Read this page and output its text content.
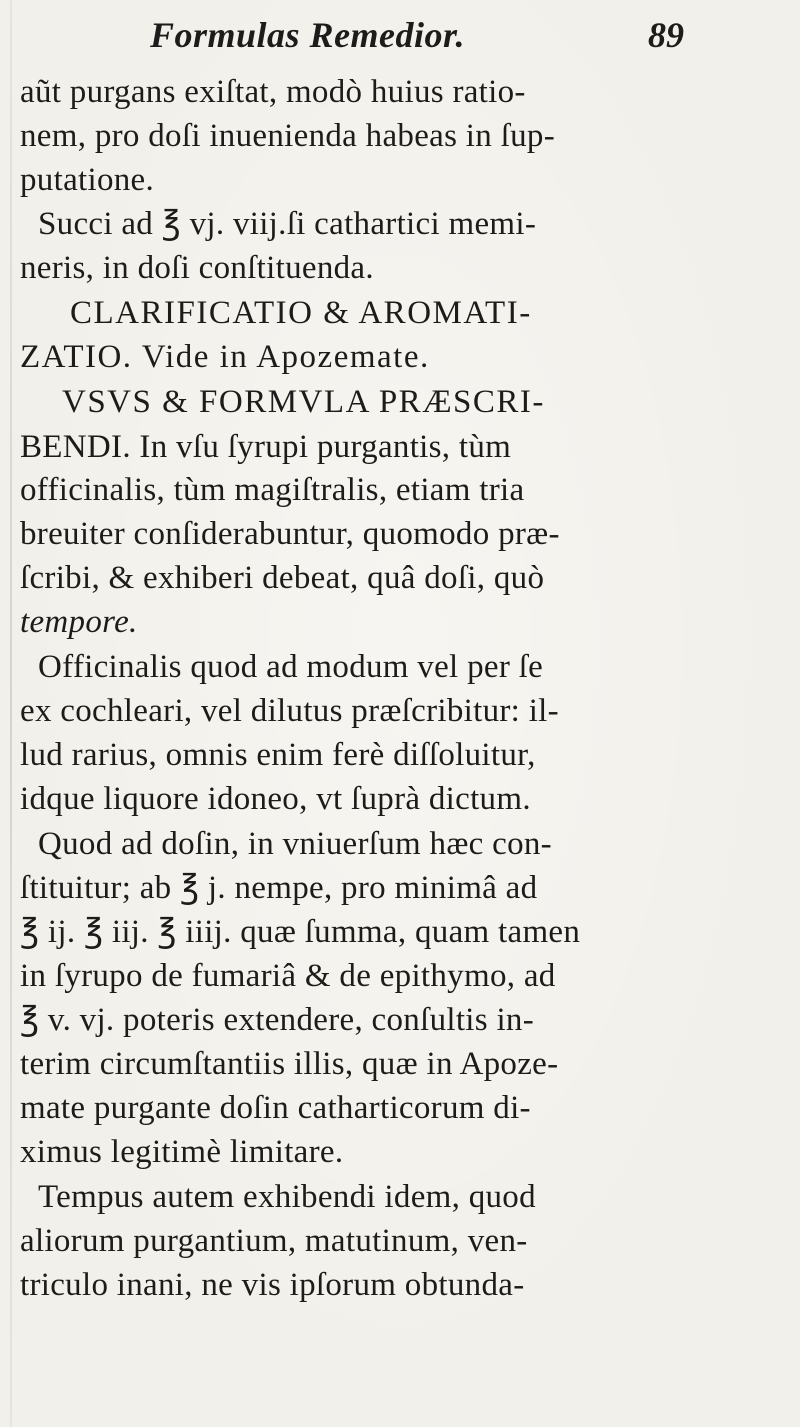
Formulas Remedior.	89
aũt purgans exiſtat, modò huius ratio-
nem, pro doſi inuenienda habeas in ſup-
putatione.
Succi ad ℥ vj. viij.ſi cathartici memi-
neris, in doſi conſtituenda.
CLARIFICATIO & AROMATI-
ZATIO. Vide in Apozemate.
VSVS & FORMVLA PRÆSCRI-
BENDI. In vſu ſyrupi purgantis, tùm
officinalis, tùm magiſtralis, etiam tria
breuiter conſiderabuntur, quomodo præ-
ſcribi, & exhiberi debeat, quâ doſi, quò
tempore.
Officinalis quod ad modum vel per ſe
ex cochleari, vel dilutus præſcribitur: il-
lud rarius, omnis enim ferè diſſoluitur,
idque liquore idoneo, vt ſuprà dictum.
Quod ad doſin, in vniuerſum hæc con-
ſtituitur; ab ℥ j. nempe, pro minimâ ad
℥ ij. ℥ iij. ℥ iiij. quæ ſumma, quam tamen
in ſyrupo de fumariâ & de epithymo, ad
℥ v. vj. poteris extendere, conſultis in-
terim circumſtantiis illis, quæ in Apoze-
mate purgante doſin catharticorum di-
ximus legitimè limitare.
Tempus autem exhibendi idem, quod
aliorum purgantium, matutinum, ven-
triculo inani, ne vis ipſorum obtunda-
